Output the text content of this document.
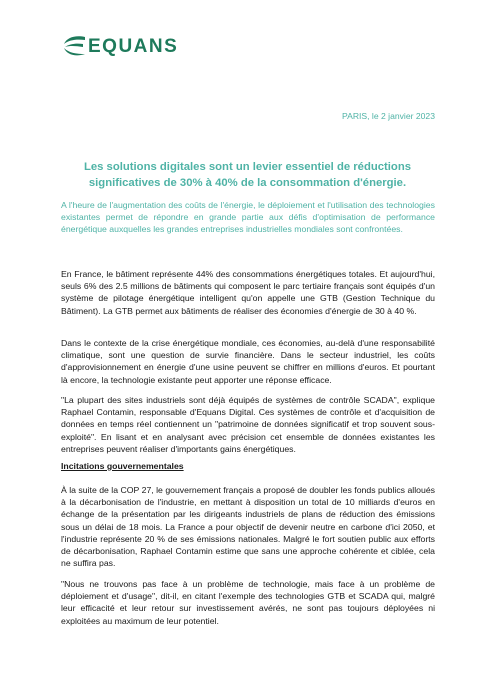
EQUANS
PARIS, le 2 janvier 2023
Les solutions digitales sont un levier essentiel de réductions significatives de 30% à 40% de la consommation d'énergie.
A l'heure de l'augmentation des coûts de l'énergie, le déploiement et l'utilisation des technologies existantes permet de répondre en grande partie aux défis d'optimisation de performance énergétique auxquelles les grandes entreprises industrielles mondiales sont confrontées.
En France, le bâtiment représente 44% des consommations énergétiques totales. Et aujourd'hui, seuls 6% des 2.5 millions de bâtiments qui composent le parc tertiaire français sont équipés d'un système de pilotage énergétique intelligent qu'on appelle une GTB (Gestion Technique du Bâtiment). La GTB permet aux bâtiments de réaliser des économies d'énergie de 30 à 40 %.
Dans le contexte de la crise énergétique mondiale, ces économies, au-delà d'une responsabilité climatique, sont une question de survie financière. Dans le secteur industriel, les coûts d'approvisionnement en énergie d'une usine peuvent se chiffrer en millions d'euros. Et pourtant là encore, la technologie existante peut apporter une réponse efficace.
"La plupart des sites industriels sont déjà équipés de systèmes de contrôle SCADA", explique Raphael Contamin, responsable d'Equans Digital. Ces systèmes de contrôle et d'acquisition de données en temps réel contiennent un "patrimoine de données significatif et trop souvent sous-exploité". En lisant et en analysant avec précision cet ensemble de données existantes les entreprises peuvent réaliser d'importants gains énergétiques.
Incitations gouvernementales
À la suite de la COP 27, le gouvernement français a proposé de doubler les fonds publics alloués à la décarbonisation de l'industrie, en mettant à disposition un total de 10 milliards d'euros en échange de la présentation par les dirigeants industriels de plans de réduction des émissions sous un délai de 18 mois. La France a pour objectif de devenir neutre en carbone d'ici 2050, et l'industrie représente 20 % de ses émissions nationales. Malgré le fort soutien public aux efforts de décarbonisation, Raphael Contamin estime que sans une approche cohérente et ciblée, cela ne suffira pas.
"Nous ne trouvons pas face à un problème de technologie, mais face à un problème de déploiement et d'usage", dit-il, en citant l'exemple des technologies GTB et SCADA qui, malgré leur efficacité et leur retour sur investissement avérés, ne sont pas toujours déployées ni exploitées au maximum de leur potentiel.
